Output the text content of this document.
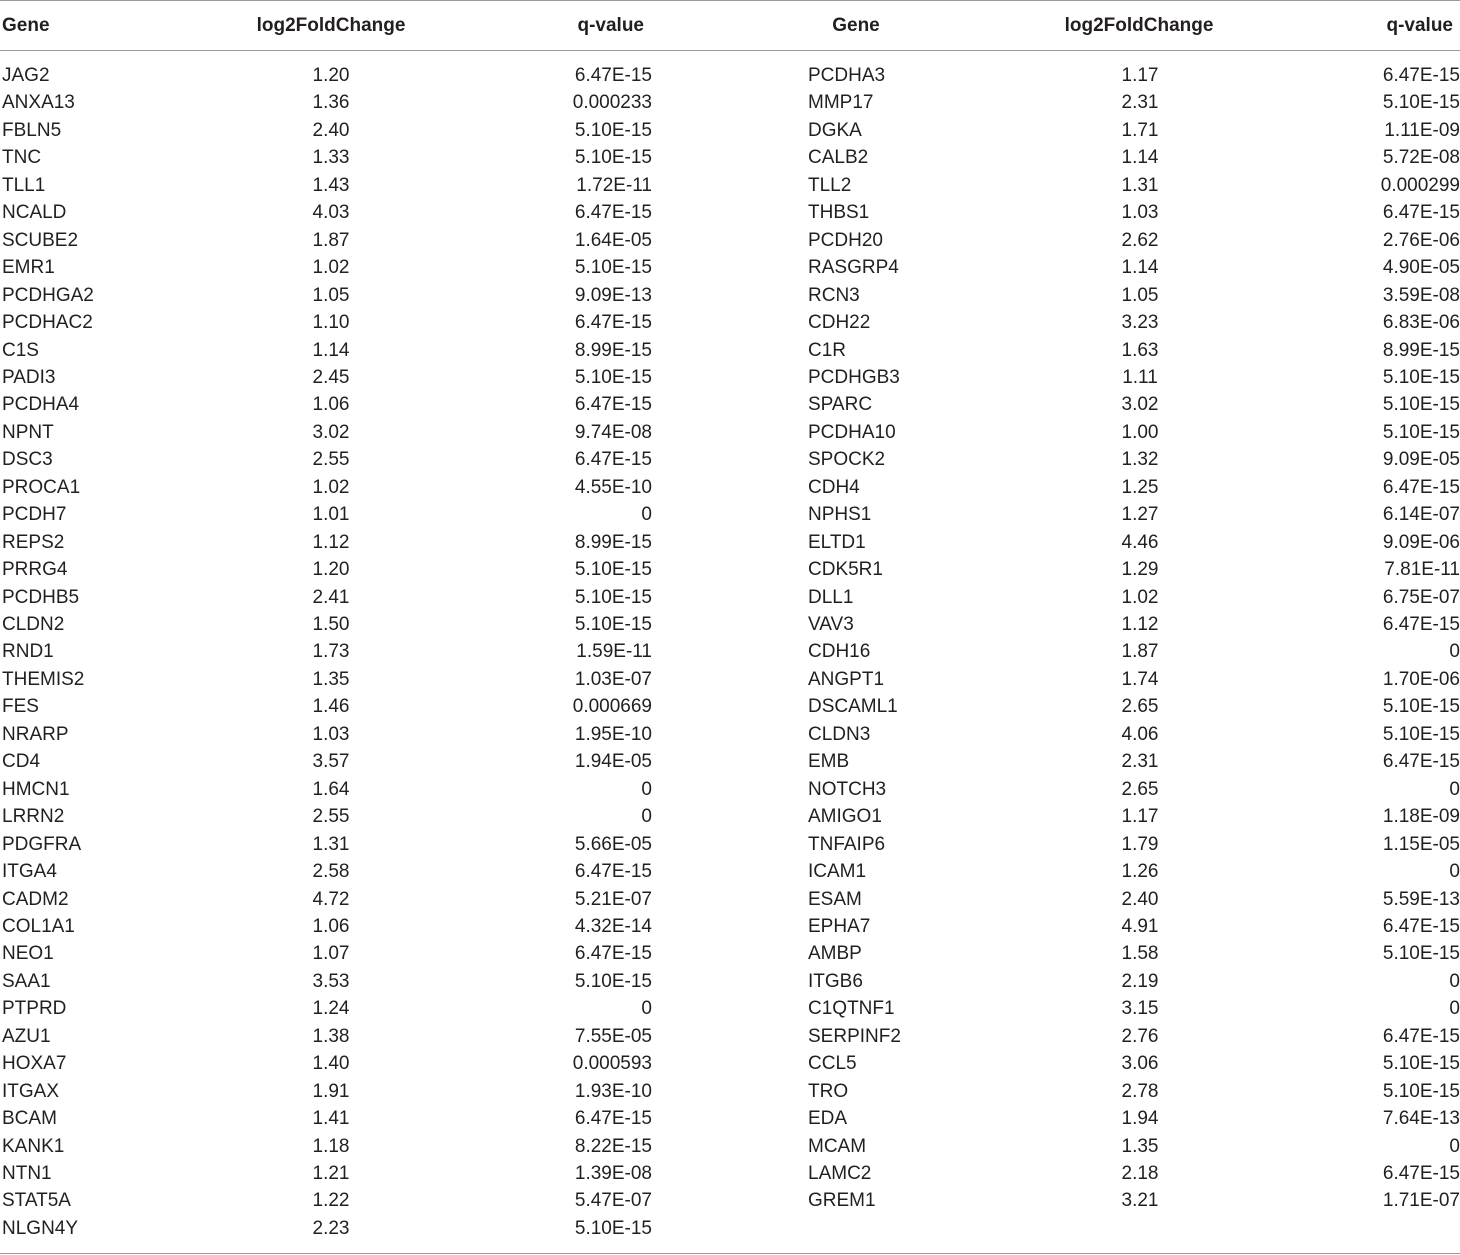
Gene	log2FoldChange	q-value	Gene	log2FoldChange	q-value
JAG2	1.20	6.47E-15
ANXA13	1.36	0.000233
FBLN5	2.40	5.10E-15
TNC	1.33	5.10E-15
TLL1	1.43	1.72E-11
NCALD	4.03	6.47E-15
SCUBE2	1.87	1.64E-05
EMR1	1.02	5.10E-15
PCDHGA2	1.05	9.09E-13
PCDHAC2	1.10	6.47E-15
C1S	1.14	8.99E-15
PADI3	2.45	5.10E-15
PCDHA4	1.06	6.47E-15
NPNT	3.02	9.74E-08
DSC3	2.55	6.47E-15
PROCA1	1.02	4.55E-10
PCDH7	1.01	0
REPS2	1.12	8.99E-15
PRRG4	1.20	5.10E-15
PCDHB5	2.41	5.10E-15
CLDN2	1.50	5.10E-15
RND1	1.73	1.59E-11
THEMIS2	1.35	1.03E-07
FES	1.46	0.000669
NRARP	1.03	1.95E-10
CD4	3.57	1.94E-05
HMCN1	1.64	0
LRRN2	2.55	0
PDGFRA	1.31	5.66E-05
ITGA4	2.58	6.47E-15
CADM2	4.72	5.21E-07
COL1A1	1.06	4.32E-14
NEO1	1.07	6.47E-15
SAA1	3.53	5.10E-15
PTPRD	1.24	0
AZU1	1.38	7.55E-05
HOXA7	1.40	0.000593
ITGAX	1.91	1.93E-10
BCAM	1.41	6.47E-15
KANK1	1.18	8.22E-15
NTN1	1.21	1.39E-08
STAT5A	1.22	5.47E-07
NLGN4Y	2.23	5.10E-15
PCDHA3	1.17	6.47E-15
MMP17	2.31	5.10E-15
DGKA	1.71	1.11E-09
CALB2	1.14	5.72E-08
TLL2	1.31	0.000299
THBS1	1.03	6.47E-15
PCDH20	2.62	2.76E-06
RASGRP4	1.14	4.90E-05
RCN3	1.05	3.59E-08
CDH22	3.23	6.83E-06
C1R	1.63	8.99E-15
PCDHGB3	1.11	5.10E-15
SPARC	3.02	5.10E-15
PCDHA10	1.00	5.10E-15
SPOCK2	1.32	9.09E-05
CDH4	1.25	6.47E-15
NPHS1	1.27	6.14E-07
ELTD1	4.46	9.09E-06
CDK5R1	1.29	7.81E-11
DLL1	1.02	6.75E-07
VAV3	1.12	6.47E-15
CDH16	1.87	0
ANGPT1	1.74	1.70E-06
DSCAML1	2.65	5.10E-15
CLDN3	4.06	5.10E-15
EMB	2.31	6.47E-15
NOTCH3	2.65	0
AMIGO1	1.17	1.18E-09
TNFAIP6	1.79	1.15E-05
ICAM1	1.26	0
ESAM	2.40	5.59E-13
EPHA7	4.91	6.47E-15
AMBP	1.58	5.10E-15
ITGB6	2.19	0
C1QTNF1	3.15	0
SERPINF2	2.76	6.47E-15
CCL5	3.06	5.10E-15
TRO	2.78	5.10E-15
EDA	1.94	7.64E-13
MCAM	1.35	0
LAMC2	2.18	6.47E-15
GREM1	3.21	1.71E-07
